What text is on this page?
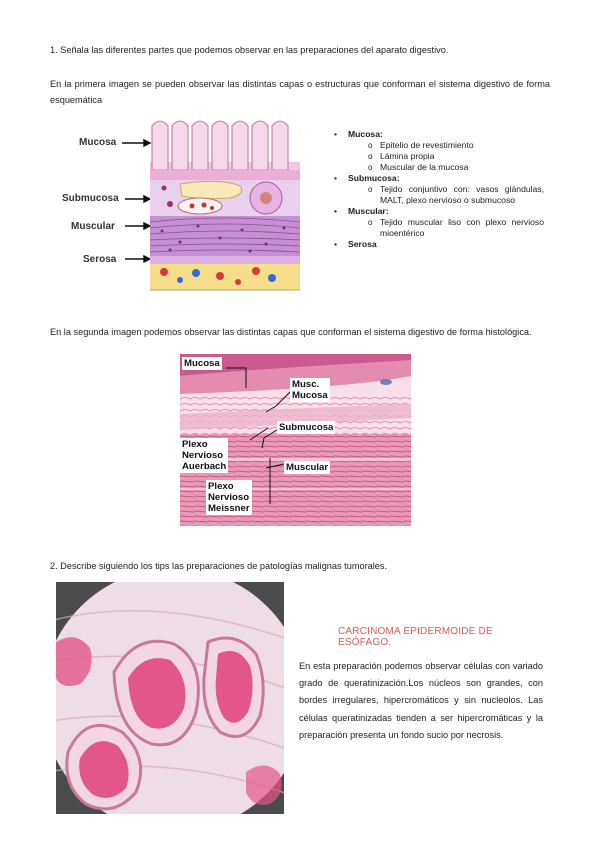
1. Señala las diferentes partes que podemos observar en las preparaciones del aparato digestivo.

En la primera imagen se pueden observar las distintas capas o estructuras que conforman el sistema digestivo de forma esquemática

Mucosa
Submucosa
Muscular
Serosa
• Mucosa:
o Epitelio de revestimiento
o Lámina propia
o Muscular de la mucosa
• Submucosa:
o Tejido conjuntivo con: vasos glándulas, MALT, plexo nervioso o submucoso
• Muscular:
o Tejido muscular liso con plexo nervioso mioentérico
• Serosa

En la segunda imagen podemos observar las distintas capas que conforman el sistema digestivo de forma histológica.

Mucosa
Musc.
Mucosa
Submucosa
Plexo
Nervioso
Auerbach	Muscular
Plexo
Nervioso
Meissner

2. Describe siguiendo los tips las preparaciones de patologías malignas tumorales.

CARCINOMA EPIDERMOIDE DE ESÓFAGO.

En esta preparación podemos observar células con variado grado de queratinización.Los núcleos son grandes, con bordes irregulares, hipercromáticos y sin nucleolos. Las células queratinizadas tienden a ser hipercromáticas y la preparación presenta un fondo sucio por necrosis.
